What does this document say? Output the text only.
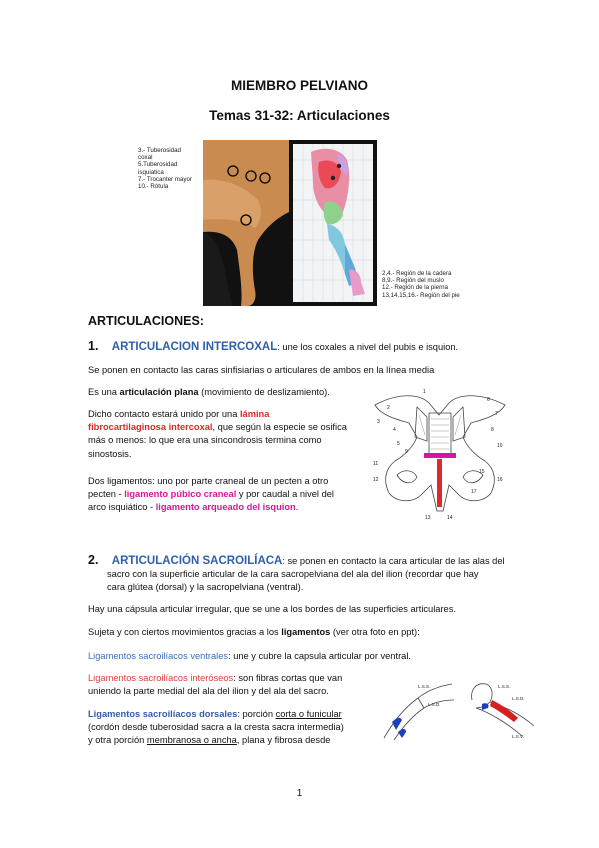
MIEMBRO PELVIANO
Temas 31-32: Articulaciones
3.- Tuberosidad
coxal
5.Tuberosidad
isquiatica
7.- Trocanter mayor
10.- Rótula
2,4.- Región de la cadera
8,9.- Región del muslo
12.- Región de la pierna
13,14,15,16.- Región del pie
ARTICULACIONES:
1. ARTICULACION INTERCOXAL: une los coxales a nivel del pubis e isquion.
Se ponen en contacto las caras sinfisiarias o articulares de ambos en la línea media
Es una articulación plana (movimiento de deslizamiento).
Dicho contacto estará unido por una lámina
fibrocartilaginosa intercoxal, que según la especie se osifica
más o menos: lo que era una sincondrosis termina como
sinostosis.
Dos ligamentos: uno por parte craneal de un pecten a otro
pecten - ligamento púbico craneal y por caudal a nivel del
arco isquiático - ligamento arqueado del isquion.
1
2
3
4
5
6
7
8
9
10
11
12
13	14
15
16
17
2. ARTICULACIÓN SACROILÍACA: se ponen en contacto la cara articular de las alas del
sacro con la superficie articular de la cara sacropelviana del ala del ilion (recordar que hay
cara glútea (dorsal) y la sacropelviana (ventral).
Hay una cápsula articular irregular, que se une a los bordes de las superficies articulares.
Sujeta y con ciertos movimientos gracias a los ligamentos (ver otra foto en ppt):
Ligamentos sacroilíacos ventrales: une y cubre la capsula articular por ventral.
Ligamentos sacroilíacos interóseos: son fibras cortas que van
uniendo la parte medial del ala del ilion y del ala del sacro.
Ligamentos sacroilíacos dorsales: porción corta o funicular
(cordón desde tuberosidad sacra a la cresta sacra intermedia)
y otra porción membranosa o ancha, plana y fibrosa desde
L.S.S.
L.S.D.
L.S.S.
L.S.D.
L.S.V.
1
